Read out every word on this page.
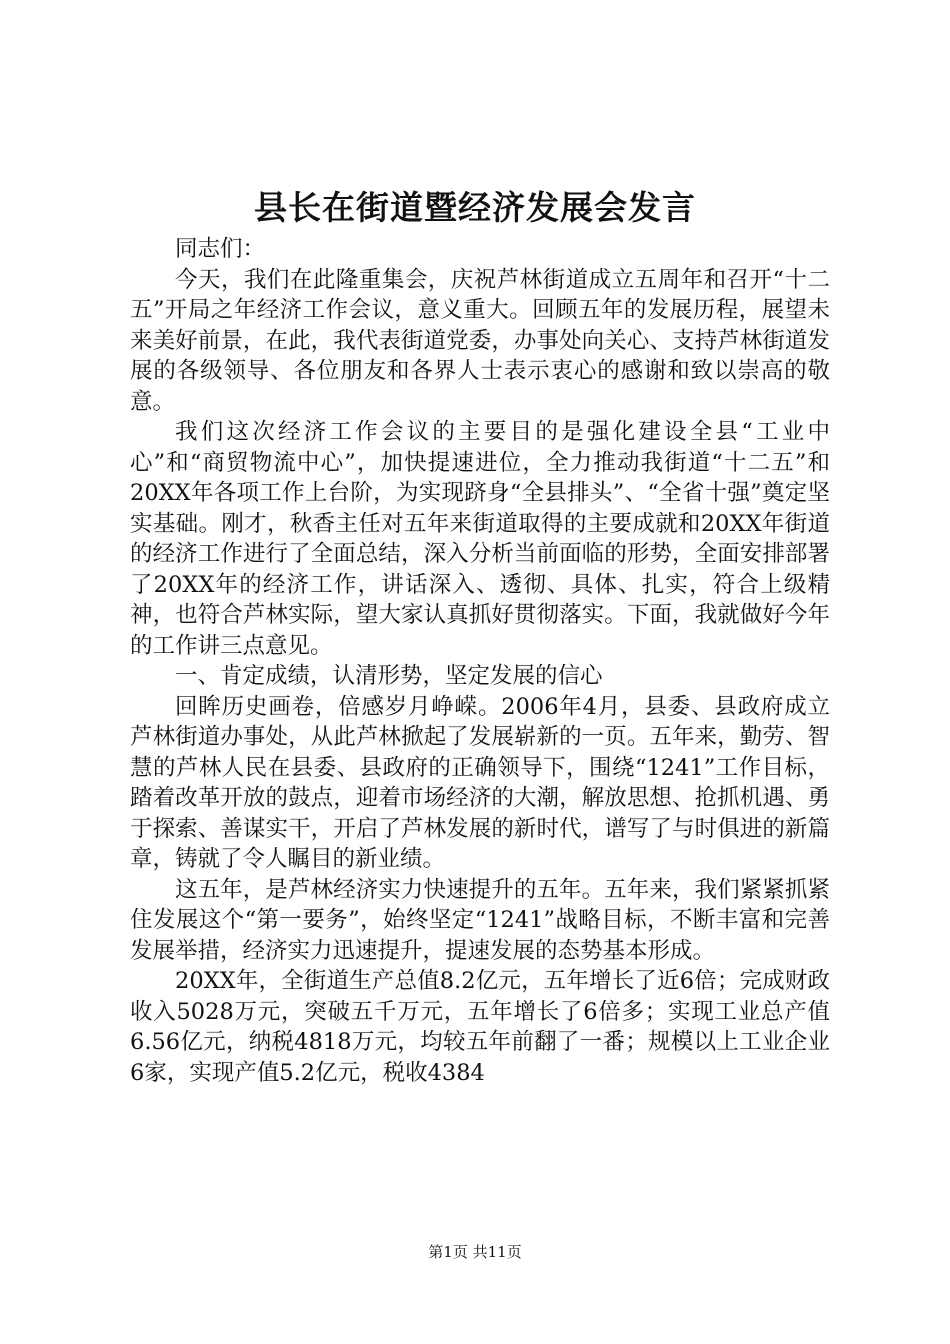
县长在街道暨经济发展会发言

同志们：

今天，我们在此隆重集会，庆祝芦林街道成立五周年和召开“十二五”开局之年经济工作会议，意义重大。回顾五年的发展历程，展望未来美好前景，在此，我代表街道党委，办事处向关心、支持芦林街道发展的各级领导、各位朋友和各界人士表示衷心的感谢和致以崇高的敬意。

我们这次经济工作会议的主要目的是强化建设全县“工业中心”和“商贸物流中心”，加快提速进位，全力推动我街道“十二五”和20XX年各项工作上台阶，为实现跻身“全县排头”、“全省十强”奠定坚实基础。刚才，秋香主任对五年来街道取得的主要成就和20XX年街道的经济工作进行了全面总结，深入分析当前面临的形势，全面安排部署了20XX年的经济工作，讲话深入、透彻、具体、扎实，符合上级精神，也符合芦林实际，望大家认真抓好贯彻落实。下面，我就做好今年的工作讲三点意见。

一、肯定成绩，认清形势，坚定发展的信心

回眸历史画卷，倍感岁月峥嵘。2006年4月，县委、县政府成立芦林街道办事处，从此芦林掀起了发展崭新的一页。五年来，勤劳、智慧的芦林人民在县委、县政府的正确领导下，围绕“1241”工作目标，踏着改革开放的鼓点，迎着市场经济的大潮，解放思想、抢抓机遇、勇于探索、善谋实干，开启了芦林发展的新时代，谱写了与时俱进的新篇章，铸就了令人瞩目的新业绩。

这五年，是芦林经济实力快速提升的五年。五年来，我们紧紧抓紧住发展这个“第一要务”，始终坚定“1241”战略目标，不断丰富和完善发展举措，经济实力迅速提升，提速发展的态势基本形成。

20XX年，全街道生产总值8.2亿元，五年增长了近6倍；完成财政收入5028万元，突破五千万元，五年增长了6倍多；实现工业总产值6.56亿元，纳税4818万元，均较五年前翻了一番；规模以上工业企业6家，实现产值5.2亿元，税收4384

第1页 共11页
